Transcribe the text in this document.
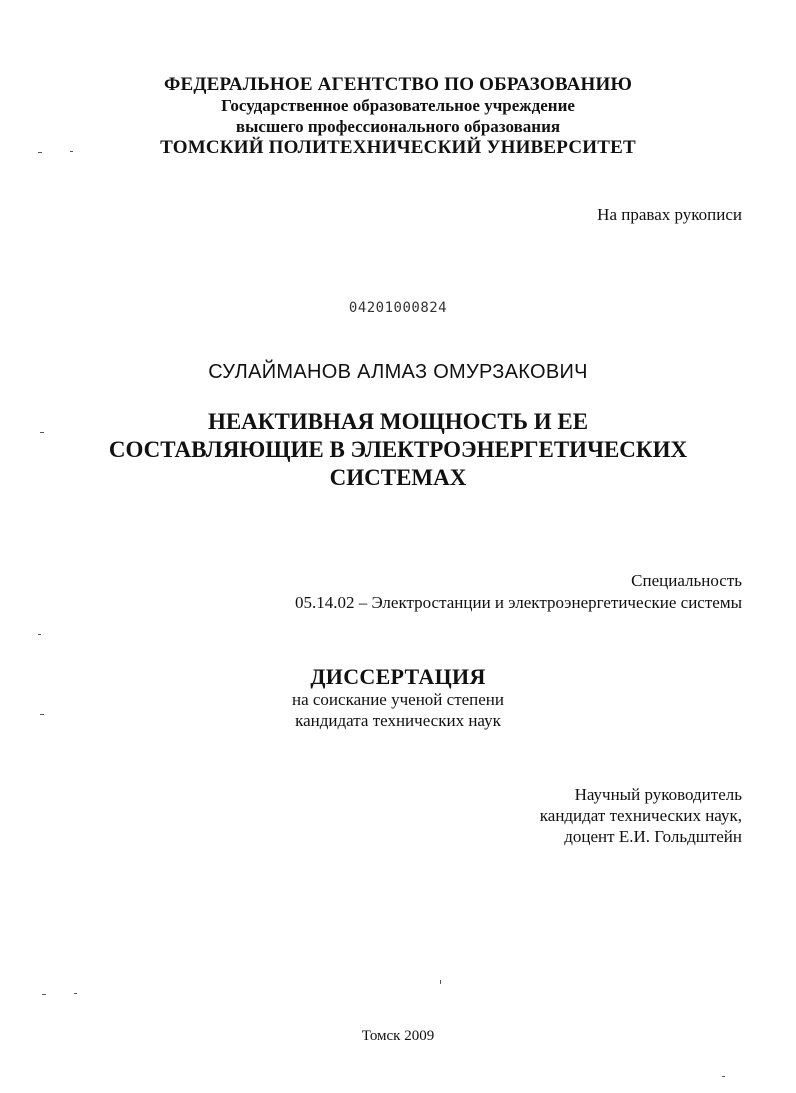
ФЕДЕРАЛЬНОЕ АГЕНТСТВО ПО ОБРАЗОВАНИЮ
Государственное образовательное учреждение
высшего профессионального образования
ТОМСКИЙ ПОЛИТЕХНИЧЕСКИЙ УНИВЕРСИТЕТ
На правах рукописи
04201000824
СУЛАЙМАНОВ АЛМАЗ ОМУРЗАКОВИЧ
НЕАКТИВНАЯ МОЩНОСТЬ И ЕЕ
СОСТАВЛЯЮЩИЕ В ЭЛЕКТРОЭНЕРГЕТИЧЕСКИХ
СИСТЕМАХ
Специальность
05.14.02 – Электростанции и электроэнергетические системы
ДИССЕРТАЦИЯ
на соискание ученой степени
кандидата технических наук
Научный руководитель
кандидат технических наук,
доцент Е.И. Гольдштейн
Томск 2009
